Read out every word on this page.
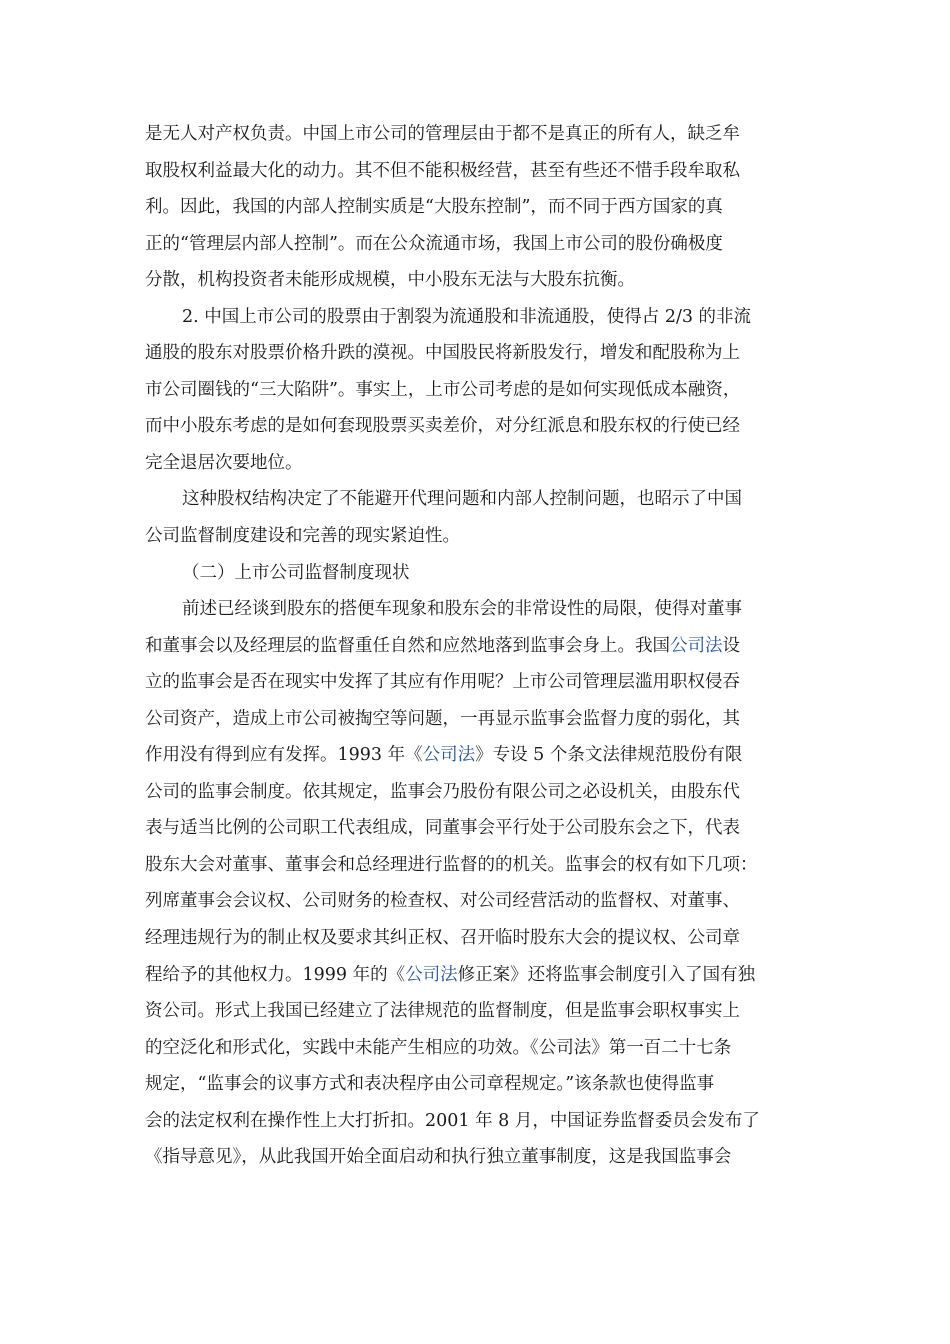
是无人对产权负责。中国上市公司的管理层由于都不是真正的所有人，缺乏牟
取股权利益最大化的动力。其不但不能积极经营，甚至有些还不惜手段牟取私
利。因此，我国的内部人控制实质是“大股东控制”，而不同于西方国家的真
正的“管理层内部人控制”。而在公众流通市场，我国上市公司的股份确极度
分散，机构投资者未能形成规模，中小股东无法与大股东抗衡。
2. 中国上市公司的股票由于割裂为流通股和非流通股，使得占 2/3 的非流
通股的股东对股票价格升跌的漠视。中国股民将新股发行，增发和配股称为上
市公司圈钱的“三大陷阱”。事实上，上市公司考虑的是如何实现低成本融资，
而中小股东考虑的是如何套现股票买卖差价，对分红派息和股东权的行使已经
完全退居次要地位。
这种股权结构决定了不能避开代理问题和内部人控制问题，也昭示了中国
公司监督制度建设和完善的现实紧迫性。
（二）上市公司监督制度现状
前述已经谈到股东的搭便车现象和股东会的非常设性的局限，使得对董事
和董事会以及经理层的监督重任自然和应然地落到监事会身上。我国公司法设
立的监事会是否在现实中发挥了其应有作用呢？上市公司管理层滥用职权侵吞
公司资产，造成上市公司被掏空等问题，一再显示监事会监督力度的弱化，其
作用没有得到应有发挥。1993 年《公司法》专设 5 个条文法律规范股份有限
公司的监事会制度。依其规定，监事会乃股份有限公司之必设机关，由股东代
表与适当比例的公司职工代表组成，同董事会平行处于公司股东会之下，代表
股东大会对董事、董事会和总经理进行监督的的机关。监事会的权有如下几项：
列席董事会会议权、公司财务的检查权、对公司经营活动的监督权、对董事、
经理违规行为的制止权及要求其纠正权、召开临时股东大会的提议权、公司章
程给予的其他权力。1999 年的《公司法修正案》还将监事会制度引入了国有独
资公司。形式上我国已经建立了法律规范的监督制度，但是监事会职权事实上
的空泛化和形式化，实践中未能产生相应的功效。《公司法》第一百二十七条
规定，“监事会的议事方式和表决程序由公司章程规定。”该条款也使得监事
会的法定权利在操作性上大打折扣。2001 年 8 月，中国证券监督委员会发布了
《指导意见》，从此我国开始全面启动和执行独立董事制度，这是我国监事会
